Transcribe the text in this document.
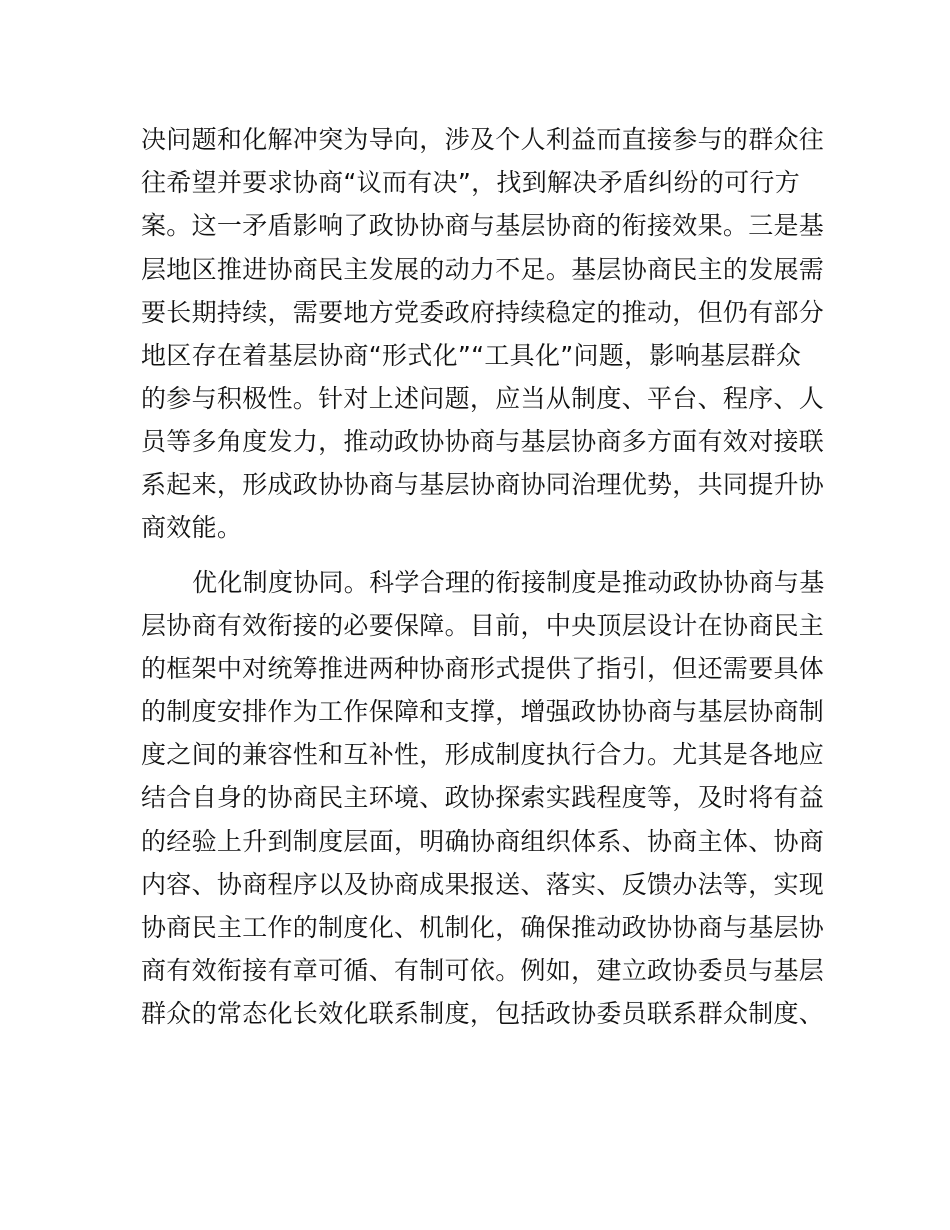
决问题和化解冲突为导向，涉及个人利益而直接参与的群众往
往希望并要求协商“议而有决”，找到解决矛盾纠纷的可行方
案。这一矛盾影响了政协协商与基层协商的衔接效果。三是基
层地区推进协商民主发展的动力不足。基层协商民主的发展需
要长期持续，需要地方党委政府持续稳定的推动，但仍有部分
地区存在着基层协商“形式化”“工具化”问题，影响基层群众
的参与积极性。针对上述问题，应当从制度、平台、程序、人
员等多角度发力，推动政协协商与基层协商多方面有效对接联
系起来，形成政协协商与基层协商协同治理优势，共同提升协
商效能。
优化制度协同。科学合理的衔接制度是推动政协协商与基
层协商有效衔接的必要保障。目前，中央顶层设计在协商民主
的框架中对统筹推进两种协商形式提供了指引，但还需要具体
的制度安排作为工作保障和支撑，增强政协协商与基层协商制
度之间的兼容性和互补性，形成制度执行合力。尤其是各地应
结合自身的协商民主环境、政协探索实践程度等，及时将有益
的经验上升到制度层面，明确协商组织体系、协商主体、协商
内容、协商程序以及协商成果报送、落实、反馈办法等，实现
协商民主工作的制度化、机制化，确保推动政协协商与基层协
商有效衔接有章可循、有制可依。例如，建立政协委员与基层
群众的常态化长效化联系制度，包括政协委员联系群众制度、
